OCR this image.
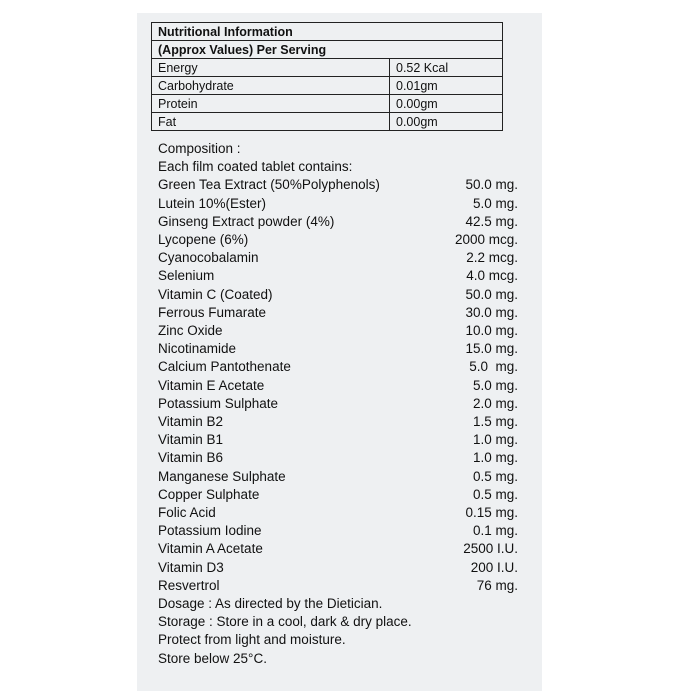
Nutritional Information	
(Approx Values) Per Serving	
Energy	0.52 Kcal
Carbohydrate	0.01gm
Protein	0.00gm
Fat	0.00gm
Composition :
Each film coated tablet contains:
Green Tea Extract (50%Polyphenols)	50.0 mg.
Lutein 10%(Ester)	5.0 mg.
Ginseng Extract powder (4%)	42.5 mg.
Lycopene (6%)	2000 mcg.
Cyanocobalamin	2.2 mcg.
Selenium	4.0 mcg.
Vitamin C (Coated)	50.0 mg.
Ferrous Fumarate	30.0 mg.
Zinc Oxide	10.0 mg.
Nicotinamide	15.0 mg.
Calcium Pantothenate	5.0  mg.
Vitamin E Acetate	5.0 mg.
Potassium Sulphate	2.0 mg.
Vitamin B2	1.5 mg.
Vitamin B1	1.0 mg.
Vitamin B6	1.0 mg.
Manganese Sulphate	0.5 mg.
Copper Sulphate	0.5 mg.
Folic Acid	0.15 mg.
Potassium Iodine	0.1 mg.
Vitamin A Acetate	2500 I.U.
Vitamin D3	200 I.U.
Resvertrol	76 mg.
Dosage : As directed by the Dietician.
Storage : Store in a cool, dark & dry place.
Protect from light and moisture.
Store below 25°C.
